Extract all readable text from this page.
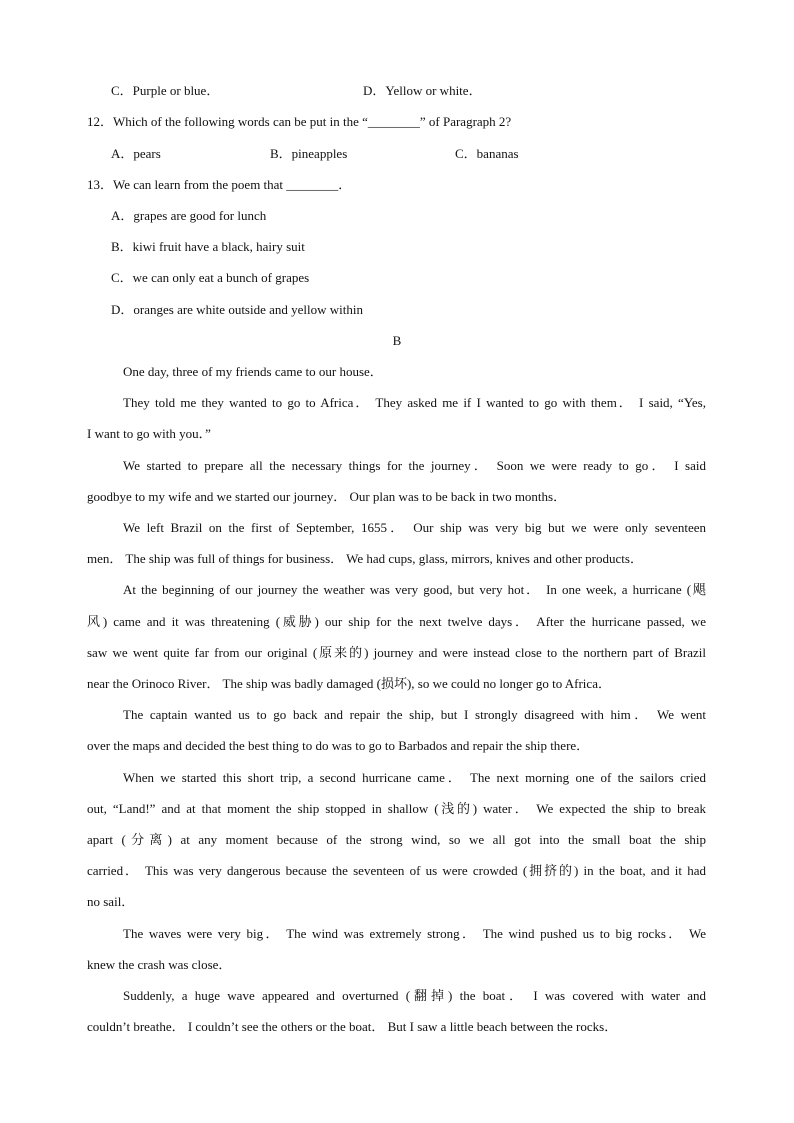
C．Purple or blue．	D．Yellow or white．
12．Which of the following words can be put in the “________” of Paragraph 2?
A．pears	B．pineapples	C．bananas
13．We can learn from the poem that ________．
A．grapes are good for lunch
B．kiwi fruit have a black, hairy suit
C．we can only eat a bunch of grapes
D．oranges are white outside and yellow within
B
One day, three of my friends came to our house．
They told me they wanted to go to Africa． They asked me if I wanted to go with them． I said, “Yes,
I want to go with you．”
We started to prepare all the necessary things for the journey． Soon we were ready to go． I said
goodbye to my wife and we started our journey． Our plan was to be back in two months．
We left Brazil on the first of September, 1655． Our ship was very big but we were only seventeen
men． The ship was full of things for business． We had cups, glass, mirrors, knives and other products．
At the beginning of our journey the weather was very good, but very hot． In one week, a hurricane (飓
风) came and it was threatening (威胁) our ship for the next twelve days． After the hurricane passed, we
saw we went quite far from our original (原来的) journey and were instead close to the northern part of Brazil
near the Orinoco River． The ship was badly damaged (损坏), so we could no longer go to Africa．
The captain wanted us to go back and repair the ship, but I strongly disagreed with him． We went
over the maps and decided the best thing to do was to go to Barbados and repair the ship there．
When we started this short trip, a second hurricane came． The next morning one of the sailors cried
out, “Land!” and at that moment the ship stopped in shallow (浅的) water． We expected the ship to break
apart (分离) at any moment because of the strong wind, so we all got into the small boat the ship
carried． This was very dangerous because the seventeen of us were crowded (拥挤的) in the boat, and it had
no sail．
The waves were very big． The wind was extremely strong． The wind pushed us to big rocks． We
knew the crash was close．
Suddenly, a huge wave appeared and overturned (翻掉) the boat． I was covered with water and
couldn’t breathe． I couldn’t see the others or the boat． But I saw a little beach between the rocks．
